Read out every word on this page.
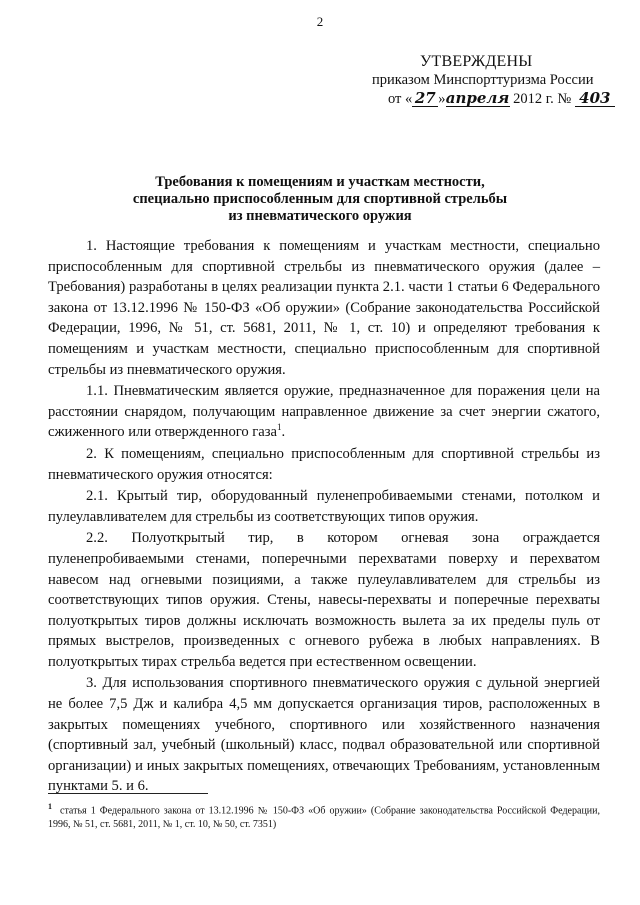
2
УТВЕРЖДЕНЫ
приказом Минспорттуризма России
от « 27 »апреля 2012 г. № 403
Требования к помещениям и участкам местности,
специально приспособленным для спортивной стрельбы
из пневматического оружия

1. Настоящие требования к помещениям и участкам местности, специально приспособленным для спортивной стрельбы из пневматического оружия (далее – Требования) разработаны в целях реализации пункта 2.1. части 1 статьи 6 Федерального закона от 13.12.1996 № 150-ФЗ «Об оружии» (Собрание законодательства Российской Федерации, 1996, № 51, ст. 5681, 2011, № 1, ст. 10) и определяют требования к помещениям и участкам местности, специально приспособленным для спортивной стрельбы из пневматического оружия.

1.1. Пневматическим является оружие, предназначенное для поражения цели на расстоянии снарядом, получающим направленное движение за счет энергии сжатого, сжиженного или отвержденного газа$^1$.

2. К помещениям, специально приспособленным для спортивной стрельбы из пневматического оружия относятся:

2.1. Крытый тир, оборудованный пуленепробиваемыми стенами, потолком и пулеулавливателем для стрельбы из соответствующих типов оружия.

2.2. Полуоткрытый тир, в котором огневая зона ограждается пуленепробиваемыми стенами, поперечными перехватами поверху и перехватом навесом над огневыми позициями, а также пулеулавливателем для стрельбы из соответствующих типов оружия. Стены, навесы-перехваты и поперечные перехваты полуоткрытых тиров должны исключать возможность вылета за их пределы пуль от прямых выстрелов, произведенных с огневого рубежа в любых направлениях. В полуоткрытых тирах стрельба ведется при естественном освещении.

3. Для использования спортивного пневматического оружия с дульной энергией не более 7,5 Дж и калибра 4,5 мм допускается организация тиров, расположенных в закрытых помещениях учебного, спортивного или хозяйственного назначения (спортивный зал, учебный (школьный) класс, подвал образовательной или спортивной организации) и иных закрытых помещениях, отвечающих Требованиям, установленным пунктами 5. и 6.

$^1$ статья 1 Федерального закона от 13.12.1996 № 150-ФЗ «Об оружии» (Собрание законодательства Российской Федерации, 1996, № 51, ст. 5681, 2011, № 1, ст. 10, № 50, ст. 7351)
